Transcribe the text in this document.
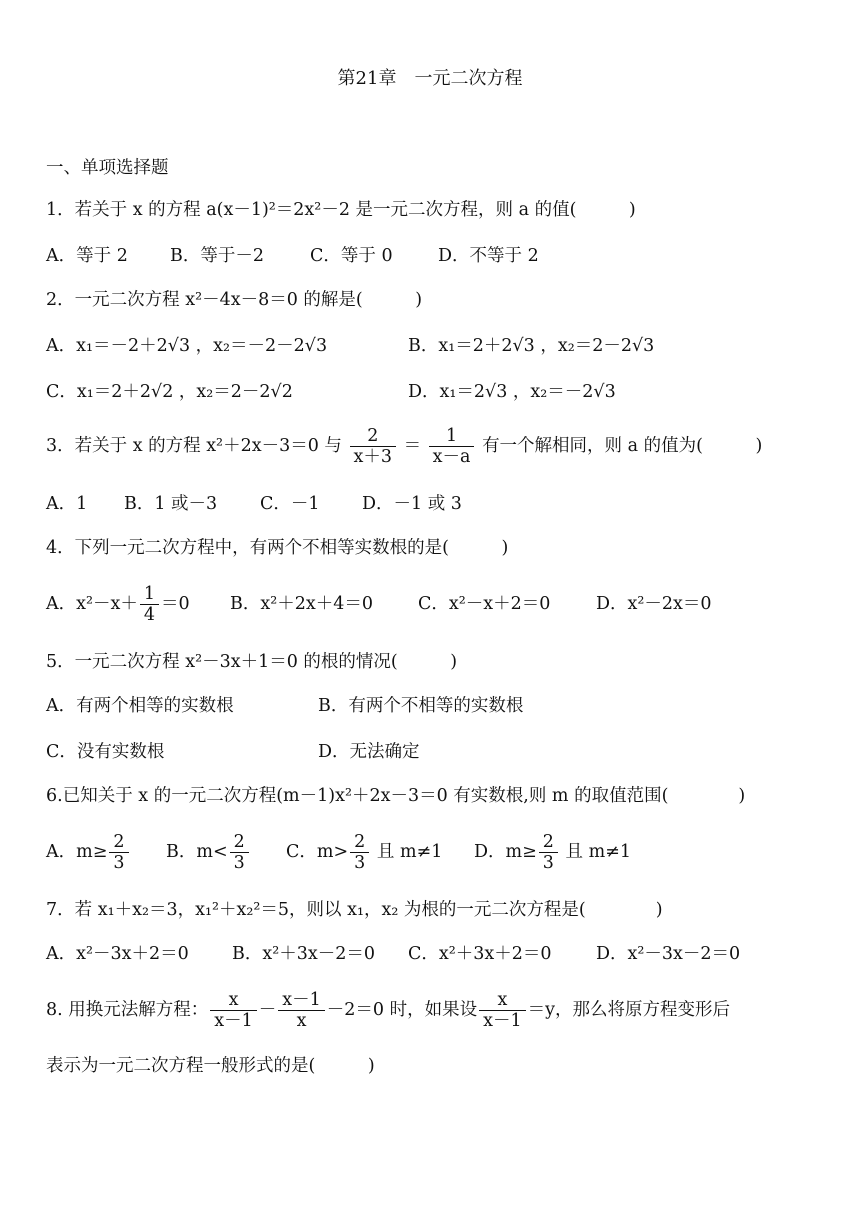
第21章　一元二次方程
一、单项选择题
1．若关于 x 的方程 a(x－1)²＝2x²－2 是一元二次方程，则 a 的值(　　　)
A．等于 2 B．等于－2	C．等于 0	D．不等于 2
2．一元二次方程 x²－4x－8＝0 的解是(　　　)
A．x₁＝－2＋2√3 ，x₂＝－2－2√3	B．x₁＝2＋2√3 ，x₂＝2－2√3
C．x₁＝2＋2√2 ，x₂＝2－2√2	D．x₁＝2√3 ，x₂＝－2√3
3．若关于 x 的方程 x²＋2x－3＝0 与 $\frac{2}{x+3} = \frac{1}{x-a}$ 有一个解相同，则 a 的值为(　　　)
A．1 B．1 或－3 C．－1 D．－1 或 3
4．下列一元二次方程中，有两个不相等实数根的是(　　　)
A．$x^2-x+ \frac{1}{4} =0$ B．x²＋2x＋4＝0	C．x²－x＋2＝0	D．x²－2x＝0
5．一元二次方程 x²－3x＋1＝0 的根的情况(　　　)
A．有两个相等的实数根	B．有两个不相等的实数根
C．没有实数根	D．无法确定
6.已知关于 x 的一元二次方程(m－1)x²＋2x－3＝0 有实数根,则 m 的取值范围(　　　　)
A．$m\ge \frac{2}{3}$ B．$m< \frac{2}{3}$ C．$m> \frac{2}{3}$ 且 m≠1 D．$m\ge \frac{2}{3}$ 且 m≠1
7．若 x₁＋x₂＝3，x₁²＋x₂²＝5，则以 x₁，x₂ 为根的一元二次方程是(　　　　)
A．x²－3x＋2＝0 B．x²＋3x－2＝0 C．x²＋3x＋2＝0	D．x²－3x－2＝0
8. 用换元法解方程： $\frac{x}{x-1} - \frac{x-1}{x} -2=0$ 时，如果设 $\frac{x}{x-1} =y$，那么将原方程变形后
表示为一元二次方程一般形式的是(　　　)
